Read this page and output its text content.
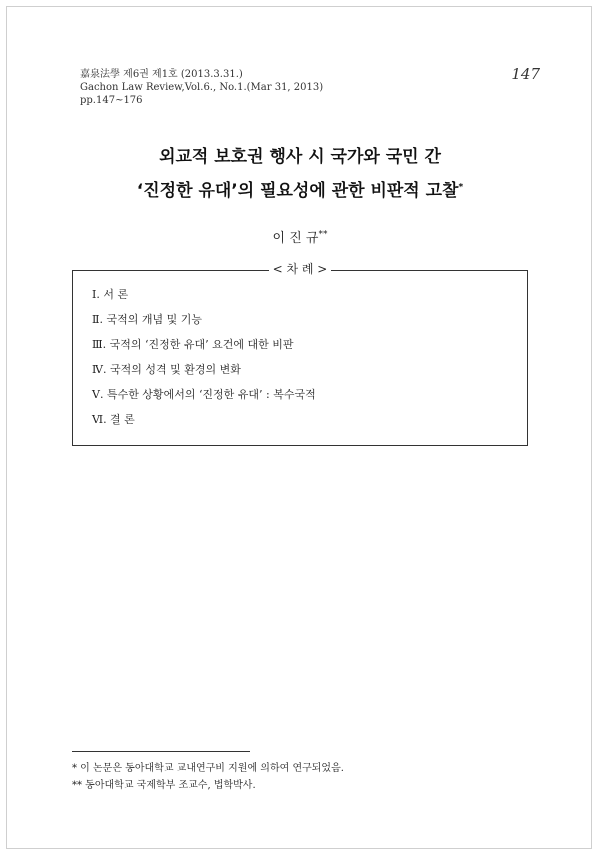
嘉泉法學 제6권 제1호 (2013.3.31.)
Gachon Law Review,Vol.6., No.1.(Mar 31, 2013)
pp.147~176
147
외교적 보호권 행사 시 국가와 국민 간
‘진정한 유대’의 필요성에 관한 비판적 고찰*
이 진 규**
< 차 례 >
Ⅰ. 서 론
Ⅱ. 국적의 개념 및 기능
Ⅲ. 국적의 ‘진정한 유대’ 요건에 대한 비판
Ⅳ. 국적의 성격 및 환경의 변화
Ⅴ. 특수한 상황에서의 ‘진정한 유대’ : 복수국적
Ⅵ. 결 론
* 이 논문은 동아대학교 교내연구비 지원에 의하여 연구되었음.
** 동아대학교 국제학부 조교수, 법학박사.
